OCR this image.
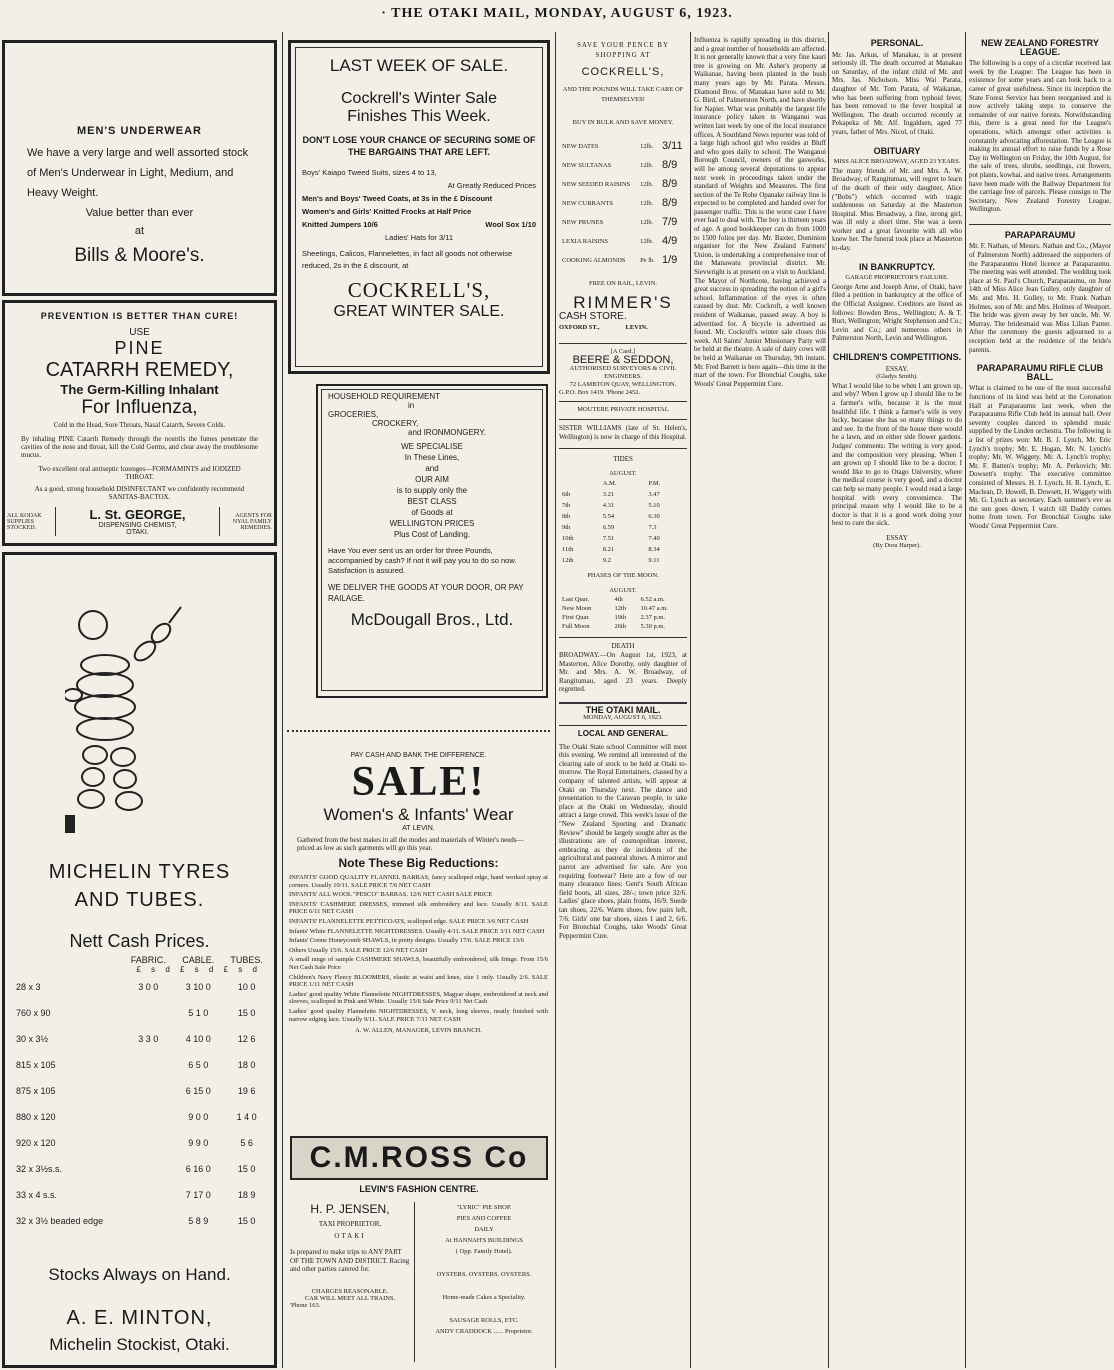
· THE OTAKI MAIL, MONDAY, AUGUST 6, 1923.
MEN'S UNDERWEAR
We have a very large and well assorted stock of Men's Underwear in Light, Medium, and Heavy Weight.
Value better than ever
at
Bills & Moore's.
PREVENTION IS BETTER THAN CURE!
USE
PINE
CATARRH REMEDY,
The Germ-Killing Inhalant
For Influenza,
Cold in the Head, Sore Throats, Nasal Catarrh, Severe Colds.
By inhaling PINE Catarrh Remedy through the nostrils the fumes penetrate the cavities of the nose and throat, kill the Cold Germs, and clear away the troublesome mucus.
Two excellent oral antiseptic lozenges—FORMAMINTS and IODIZED THROAT.
As a good, strong household DISINFECTANT we confidently recommend SANITAS-BACTOX.
ALL KODAK SUPPLIES STOCKED.
L. St. GEORGE,
DISPENSING CHEMIST,
OTAKI.
AGENTS FOR NYAL FAMILY REMEDIES.
MICHELIN TYRES
AND TUBES.
Nett Cash Prices.
	FABRIC.	CABLE.	TUBES.
	£ s d £ s d £ s d		
28 x 3	3 0 0	3 10 0	10 0
760 x 90		5 1 0	15 0
30 x 3½	3 3 0	4 10 0	12 6
815 x 105		6 5 0	18 0
875 x 105		6 15 0	19 6
880 x 120		9 0 0	1 4 0
920 x 120		9 9 0	5 6
32 x 3½s.s.		6 16 0	15 0
33 x 4 s.s.		7 17 0	18 9
32 x 3½ beaded edge		5 8 9	15 0
Stocks Always on Hand.
A. E. MINTON,
Michelin Stockist, Otaki.
LAST WEEK OF SALE.
Cockrell's Winter Sale
Finishes This Week.
DON'T LOSE YOUR CHANCE OF SECURING SOME OF THE BARGAINS THAT ARE LEFT.
Boys' Kaiapo Tweed Suits, sizes 4 to 13,
At Greatly Reduced Prices
Men's and Boys' Tweed Coats, at 3s in the £ Discount
Women's and Girls' Knitted Frocks at Half Price
Knitted Jumpers 10/6	Wool Sox 1/10
Ladies' Hats for 3/11
Sheetings, Calicos, Flannelettes, in fact all goods not otherwise reduced, 2s in the £ discount, at
COCKRELL'S,
GREAT WINTER SALE.
HOUSEHOLD REQUIREMENT
in
GROCERIES,
CROCKERY,
and IRONMONGERY.
WE SPECIALISE
In These Lines,
and
OUR AIM
is to supply only the
BEST CLASS
of Goods at
WELLINGTON PRICES
Plus Cost of Landing.
Have You ever sent us an order for three Pounds, accompanied by cash? If not it will pay you to do so now. Satisfaction is assured.
WE DELIVER THE GOODS AT YOUR DOOR, OR PAY RAILAGE.
McDougall Bros., Ltd.
PAY CASH AND BANK THE DIFFERENCE.
SALE!
Women's & Infants' Wear
AT LEVIN.
Gathered from the best makes in all the modes and materials of Winter's needs—priced as low as such garments will go this year.
Note These Big Reductions:

INFANTS' GOOD QUALITY FLANNEL BARRAS, fancy scalloped edge, hand worked spray at corners. Usually 10/11. SALE PRICE 7/6 NET CASH

INFANTS' ALL WOOL "PESCO" BARRAS. 12/6 NET CASH SALE PRICE

INFANTS' CASHMERE DRESSES, trimmed silk embroidery and lace. Usually 8/11. SALE PRICE 6/11 NET CASH

INFANTS' FLANNELETTE PETTICOATS, scalloped edge. SALE PRICE 3/6 NET CASH

Infants' White FLANNELETTE NIGHTDRESSES. Usually 4/11. SALE PRICE 3/11 NET CASH

Infants' Creme Honeycomb SHAWLS, in pretty designs. Usually 17/6. SALE PRICE 13/6

Others Usually 15/6. SALE PRICE 12/6 NET CASH

A small range of sample CASHMERE SHAWLS, beautifully embroidered, silk fringe. From 15/6 Net Cash Sale Price

Children's Navy Fleecy BLOOMERS, elastic at waist and knee, size 1 only. Usually 2/6. SALE PRICE 1/11 NET CASH

Ladies' good quality White Flannelette NIGHTDRESSES, Magyar shape, embroidered at neck and sleeves, scalloped in Pink and White. Usually 15/6 Sale Price 9/11 Net Cash

Ladies' good quality Flannelette NIGHTDRESSES, V. neck, long sleeves, neatly finished with narrow edging lace. Usually 9/11. SALE PRICE 7/11 NET CASH

A. W. ALLEN, MANAGER, LEVIN BRANCH.
C.M.ROSS Co
LEVIN'S FASHION CENTRE.
H. P. JENSEN,
TAXI PROPRIETOR,
OTAKI
Is prepared to make trips to ANY PART OF THE TOWN AND DISTRICT. Racing and other parties catered for.
CHARGES REASONABLE.
CAR WILL MEET ALL TRAINS.
'Phone 163.
"LYRIC" PIE SHOP.
PIES AND COFFEE
DAILY
At HANNAH'S BUILDINGS
( Opp. Family Hotel).
OYSTERS. OYSTERS. OYSTERS.
Home-made Cakes a Speciality.
SAUSAGE ROLLS, ETC.
ANDY CRADDOCK ...... Proprietor.
SAVE YOUR PENCE BY SHOPPING AT
COCKRELL'S,
AND THE POUNDS WILL TAKE CARE OF THEMSELVES!
BUY IN BULK AND SAVE MONEY.
NEW DATES	12lb.	3/11
NEW SULTANAS	12lb.	8/9
NEW SEEDED RAISINS	12lb.	8/9
NEW CURRANTS	12lb.	8/9
NEW PRUNES	12lb.	7/9
LEXIA RAISINS	12lb.	4/9
COOKING ALMONDS	Pe lb.	1/9
FREE ON RAIL, LEVIN.
RIMMER'S
CASH STORE.
OXFORD ST.,                LEVIN.
[A Card.]
BEERE & SEDDON,
AUTHORISED SURVEYORS & CIVIL ENGINEERS.
72 LAMBTON QUAY, WELLINGTON.
G.P.O. Box 1419. 'Phone 2452.
MOUTERE PRIVATE HOSPITAL
SISTER WILLIAMS (late of St. Helen's, Wellington) is now in charge of this Hospital.
TIDES
AUGUST.
	A.M.	P.M.
6th	3.21	3.47
7th	4.31	5.10
8th	5.54	6.30
9th	6.59	7.3
10th	7.51	7.40
11th	8.21	8.34
12th	9.2	9.11
PHASES OF THE MOON.
AUGUST.
Last Quar.	4th	6.52 a.m.
New Moon	12th	10.47 a.m.
First Quar.	19th	2.37 p.m.
Full Moon	26th	5.30 p.m.
DEATH
BROADWAY.—On August 1st, 1923, at Masterton, Alice Dorothy, only daughter of Mr. and Mrs. A. W. Broadway, of Rangitumau, aged 23 years. Deeply regretted.
THE OTAKI MAIL.
MONDAY, AUGUST 6, 1923.
LOCAL AND GENERAL.
The Otaki State school Committee will meet this evening. We remind all interested of the clearing sale of stock to be held at Otaki to-morrow. The Royal Entertainers, classed by a company of talented artists, will appear at Otaki on Thursday next. The dance and presentation to the Caravan people, to take place at the Otaki on Wednesday, should attract a large crowd. This week's issue of the "New Zealand Sporting and Dramatic Review" should be largely sought after as the illustrations are of cosmopolitan interest, embracing as they do incidents of the agricultural and pastoral shows. A mirror and parrot are advertised for sale. Are you requiring footwear? Here are a few of our many clearance lines: Gent's South African field boots, all sizes, 28/-; town price 32/6. Ladies' glace shoes, plain fronts, 16/9. Suede tan shoes, 22/6. Warm shoes, few pairs left, 7/6. Girls' one bar shoes, sizes 1 and 2, 6/6. For Bronchial Coughs, take Woods' Great Peppermint Cure.
Influenza is rapidly spreading in this district, and a great number of households are affected. It is not generally known that a very fine kauri tree is growing on Mr. Asher's property at Waikanae, having been planted in the bush many years ago by Mr. Parata. Messrs. Diamond Bros. of Manakau have sold to Mr. G. Bird, of Palmerston North, and have shortly for Napier. What was probably the largest life insurance policy taken in Wanganui was written last week by one of the local insurance offices. A Southland News reporter was told of a large high school girl who resides at Bluff and who goes daily to school. The Wanganui Borough Council, owners of the gasworks, will be among several deputations to appear next week in proceedings taken under the standard of Weights and Measures. The first section of the Te Rohe Opanake railway line is expected to be completed and handed over for passenger traffic. This is the worst case I have ever had to deal with. The boy is thirteen years of age. A good bookkeeper can do from 1000 to 1500 folios per day. Mr. Baxter, Dominion organiser for the New Zealand Farmers' Union, is undertaking a comprehensive tour of the Manawatu provincial district. Mr. Sievwright is at present on a visit to Auckland. The Mayor of Northcote, having achieved a great success in spreading the notion of a girl's school. Inflammation of the eyes is often caused by dust. Mr. Cockroft, a well known resident of Waikanae, passed away. A boy is advertised for. A bicycle is advertised as found. Mr. Cockroft's winter sale closes this week. All Saints' Junior Missionary Party will be held at the theatre. A sale of dairy cows will be held at Waikanae on Thursday, 9th instant. Mr. Fred Barrett is here again—this time in the mart of the town. For Bronchial Coughs, take Woods' Great Peppermint Cure.
PERSONAL.
Mr. Jas. Arkus, of Manakau, is at present seriously ill. The death occurred at Manakau on Saturday, of the infant child of Mr. and Mrs. Jas. Nicholson. Miss Wai Parata, daughter of Mr. Tom Parata, of Waikanae, who has been suffering from typhoid fever, has been removed to the fever hospital at Wellington. The death occurred recently at Pekapeka of Mr. Alf. Ingaldsen, aged 77 years, father of Mrs. Nicol, of Otaki.
OBITUARY
MISS ALICE BROADWAY, AGED 23 YEARS.
The many friends of Mr. and Mrs. A. W. Broadway, of Rangitumau, will regret to learn of the death of their only daughter, Alice ("Bobs") which occurred with tragic suddenness on Saturday at the Masterton Hospital. Miss Broadway, a fine, strong girl, was ill only a short time. She was a keen worker and a great favourite with all who knew her. The funeral took place at Masterton to-day.
IN BANKRUPTCY.
GARAGE PROPRIETOR'S FAILURE.
George Arne and Joseph Arne, of Otaki, have filed a petition in bankruptcy at the office of the Official Assignee. Creditors are listed as follows: Bowden Bros., Wellington; A. & T. Burt, Wellington; Wright Stephenson and Co.; Levin and Co.; and numerous others in Palmerston North, Levin and Wellington.
CHILDREN'S COMPETITIONS.
ESSAY.
(Gladys Smith).
What I would like to be when I am grown up, and why? When I grow up I should like to be a farmer's wife, because it is the most healthful life. I think a farmer's wife is very lucky, because she has so many things to do and see. In the front of the house there would be a lawn, and on either side flower gardens. Judges' comments: The writing is very good, and the composition very pleasing. When I am grown up I should like to be a doctor. I would like to go to Otago University, where the medical course is very good, and a doctor can help so many people. I would read a large hospital with every convenience. The principal reason why I would like to be a doctor is that it is a good work doing your best to cure the sick.
ESSAY
(By Dora Harper).
NEW ZEALAND FORESTRY LEAGUE.
The following is a copy of a circular received last week by the League: The League has been in existence for some years and can look back to a career of great usefulness. Since its inception the State Forest Service has been reorganised and is now actively taking steps to conserve the remainder of our native forests. Notwithstanding this, there is a great need for the League's operations, which amongst other activities is constantly advocating afforestation. The League is making its annual effort to raise funds by a Rose Day in Wellington on Friday, the 10th August, for the sale of trees, shrubs, seedlings, cut flowers, pot plants, kowhai, and native trees. Arrangements have been made with the Railway Department for the carriage free of parcels. Please consign to The Secretary, New Zealand Forestry League, Wellington.
PARAPARAUMU
Mr. F. Nathan, of Messrs. Nathan and Co., (Mayor of Palmerston North) addressed the supporters of the Paraparaumu Hotel licence at Paraparaumu. The meeting was well attended. The wedding took place at St. Paul's Church, Paraparaumu, on June 14th of Miss Alice Jean Gulley, only daughter of Mr. and Mrs. H. Gulley, to Mr. Frank Nathan Holmes, son of Mr. and Mrs. Holmes of Westport. The bride was given away by her uncle, Mr. W. Murray. The bridesmaid was Miss Lilian Panter. After the ceremony the guests adjourned to a reception held at the residence of the bride's parents.
PARAPARAUMU RIFLE CLUB BALL.
What is claimed to be one of the most successful functions of its kind was held at the Coronation Hall at Paraparaumu last week, when the Paraparaumu Rifle Club held its annual ball. Over seventy couples danced to splendid music supplied by the Linden orchestra. The following is a list of prizes won: Mr. B. J. Lynch, Mr. Eric Lynch's trophy; Mr. E. Hogan, Mr. N. Lynch's trophy; Mr. W. Wiggety, Mr. A. Lynch's trophy; Mr. F. Batten's trophy; Mr. A. Perkovich; Mr. Dowsett's trophy. The executive committee consisted of Messrs. H. J. Lynch, H. R. Lynch, E. Maclean, D. Howell, B. Dowsett, H. Wiggety with Mr. G. Lynch as secretary. Each summer's eve as the sun goes down, I watch till Daddy comes home from town. For Bronchial Coughs take Woods' Great Peppermint Cure.
